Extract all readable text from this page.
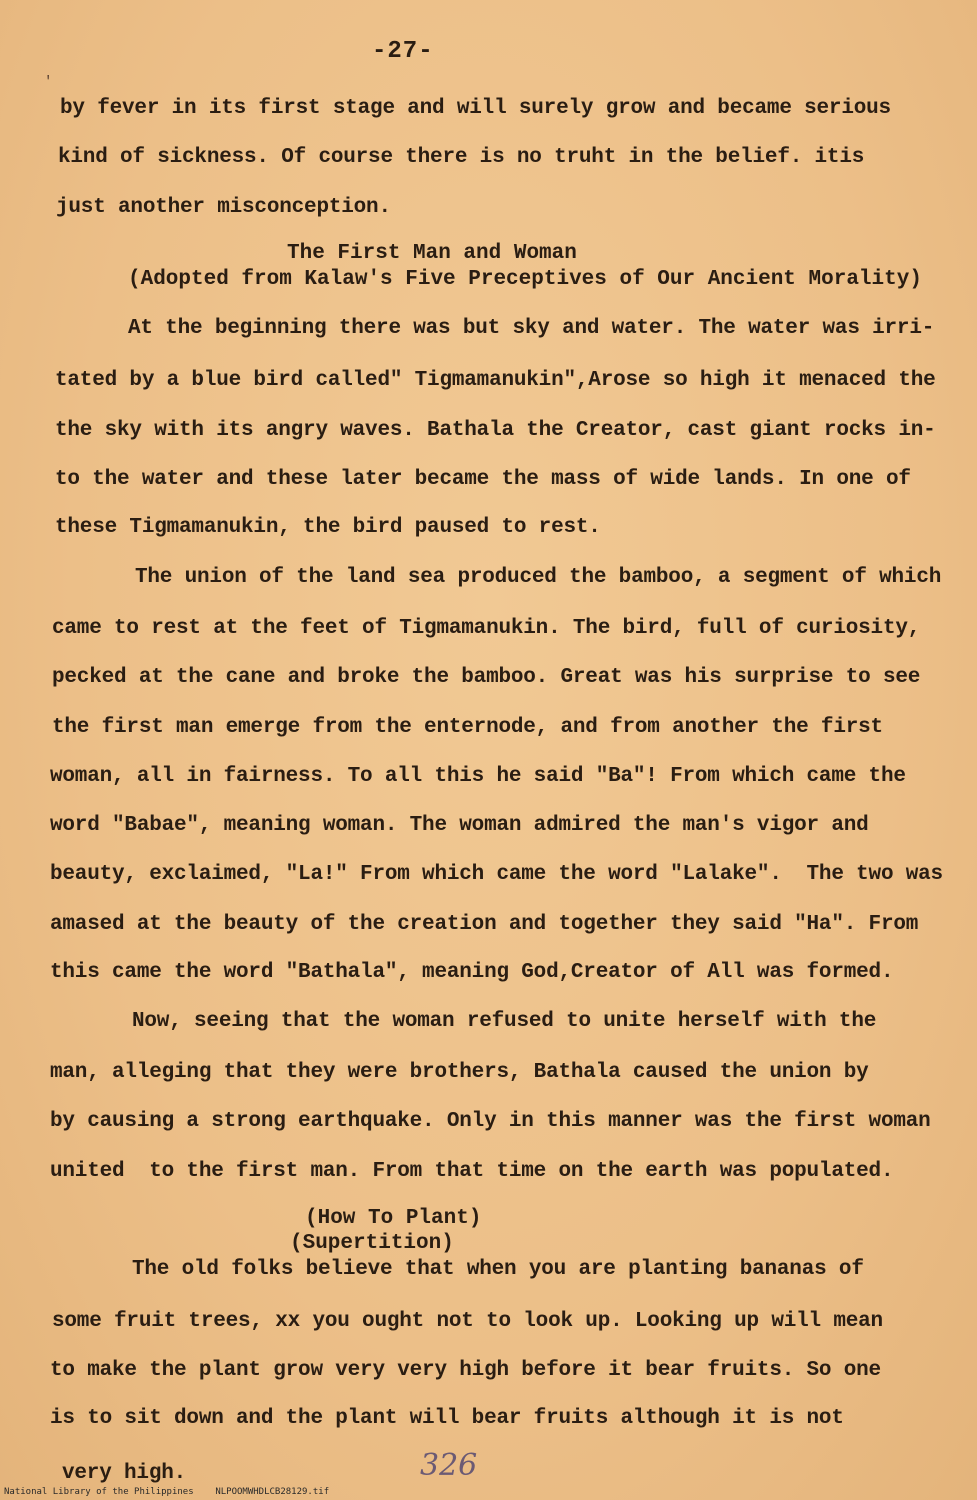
-27-
'
by fever in its first stage and will surely grow and became serious
kind of sickness. Of course there is no truht in the belief. itis
just another misconception.
The First Man and Woman
(Adopted from Kalaw's Five Preceptives of Our Ancient Morality)
At the beginning there was but sky and water. The water was irri-
tated by a blue bird called" Tigmamanukin",Arose so high it menaced the
the sky with its angry waves. Bathala the Creator, cast giant rocks in-
to the water and these later became the mass of wide lands. In one of
these Tigmamanukin, the bird paused to rest.
The union of the land sea produced the bamboo, a segment of which
came to rest at the feet of Tigmamanukin. The bird, full of curiosity,
pecked at the cane and broke the bamboo. Great was his surprise to see
the first man emerge from the enternode, and from another the first
woman, all in fairness. To all this he said "Ba"! From which came the
word "Babae", meaning woman. The woman admired the man's vigor and
beauty, exclaimed, "La!" From which came the word "Lalake".  The two was
amased at the beauty of the creation and together they said "Ha". From
this came the word "Bathala", meaning God,Creator of All was formed.
Now, seeing that the woman refused to unite herself with the
man, alleging that they were brothers, Bathala caused the union by
by causing a strong earthquake. Only in this manner was the first woman
united  to the first man. From that time on the earth was populated.
(How To Plant)
(Supertition)
The old folks believe that when you are planting bananas of
some fruit trees, xx you ought not to look up. Looking up will mean
to make the plant grow very very high before it bear fruits. So one
is to sit down and the plant will bear fruits although it is not
very high.	326
National Library of the Philippines    NLPOOMWHDLCB28129.tif
